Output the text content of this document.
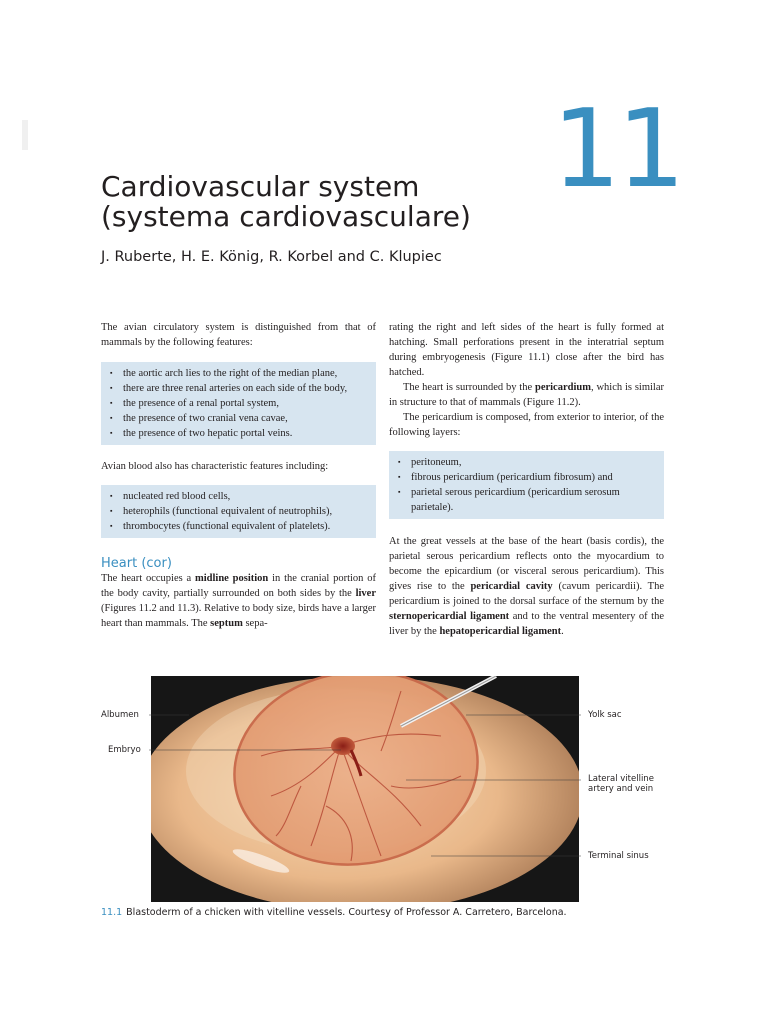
11
Cardiovascular system
(systema cardiovasculare)
J. Ruberte, H. E. König, R. Korbel and C. Klupiec

The avian circulatory system is distinguished from that of mammals by the following features:

▪ the aortic arch lies to the right of the median plane,
▪ there are three renal arteries on each side of the body,
▪ the presence of a renal portal system,
▪ the presence of two cranial vena cavae,
▪ the presence of two hepatic portal veins.

Avian blood also has characteristic features including:

▪ nucleated red blood cells,
▪ heterophils (functional equivalent of neutrophils),
▪ thrombocytes (functional equivalent of platelets).
Heart (cor)

The heart occupies a midline position in the cranial portion of the body cavity, partially surrounded on both sides by the liver (Figures 11.2 and 11.3). Relative to body size, birds have a larger heart than mammals. The septum sepa-

rating the right and left sides of the heart is fully formed at hatching. Small perforations present in the interatrial septum during embryogenesis (Figure 11.1) close after the bird has hatched.

The heart is surrounded by the pericardium, which is similar in structure to that of mammals (Figure 11.2).

The pericardium is composed, from exterior to interior, of the following layers:

▪ peritoneum,
▪ fibrous pericardium (pericardium fibrosum) and
▪ parietal serous pericardium (pericardium serosum parietale).

At the great vessels at the base of the heart (basis cordis), the parietal serous pericardium reflects onto the myocardium to become the epicardium (or visceral serous pericardium). This gives rise to the pericardial cavity (cavum pericardii). The pericardium is joined to the dorsal surface of the sternum by the sternopericardial ligament and to the ventral mesentery of the liver by the hepatopericardial ligament.

Albumen
Embryo
Yolk sac
Lateral vitelline
artery and vein
Terminal sinus
11.1 Blastoderm of a chicken with vitelline vessels. Courtesy of Professor A. Carretero, Barcelona.
